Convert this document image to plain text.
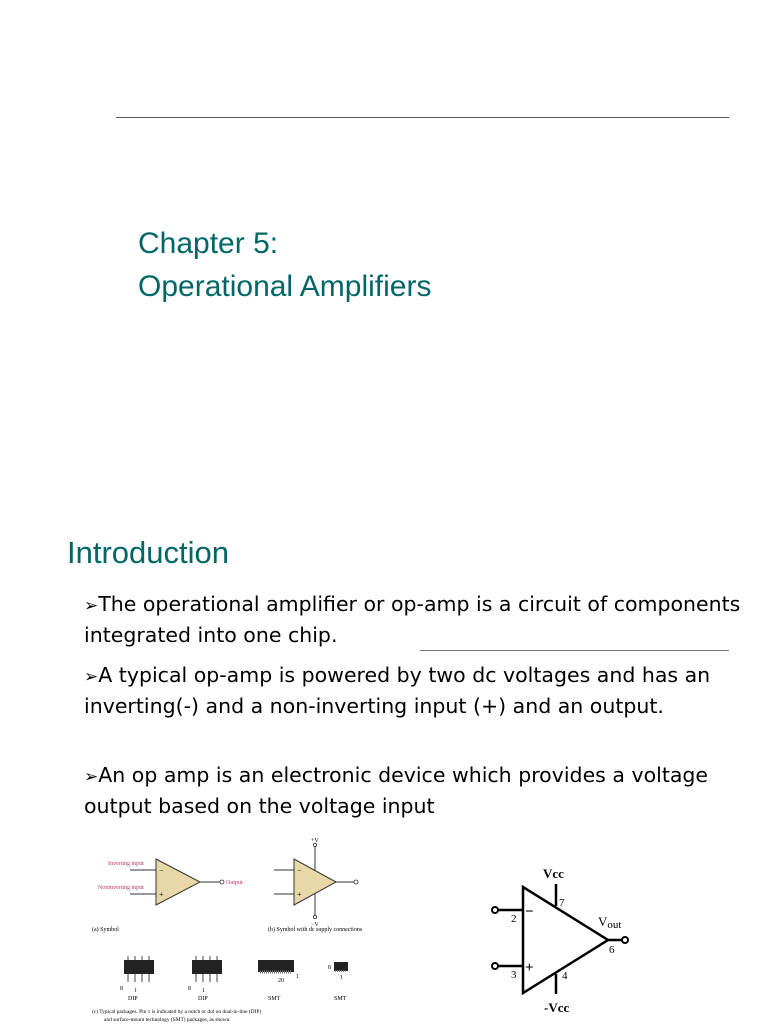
Chapter 5:
Operational Amplifiers
Introduction
➢The operational amplifier or op-amp is a circuit of components integrated into one chip.
➢A typical op-amp is powered by two dc voltages and has an inverting(-) and a non-inverting input (+) and an output.
➢An op amp is an electronic device which provides a voltage output based on the voltage input
−
+
Inverting input
Noninverting input
Output
(a) Symbol
−
+
+V
−V
(b) Symbol with dc supply connections
8 1
DIP
8 1
DIP
20
1
SMT
8
1
SMT
(c) Typical packages. Pin 1 is indicated by a notch or dot on dual-in-line (DIP)
and surface-mount technology (SMT) packages, as shown.
Vcc
−
+
2
3
7
4
6
Vout
-Vcc
